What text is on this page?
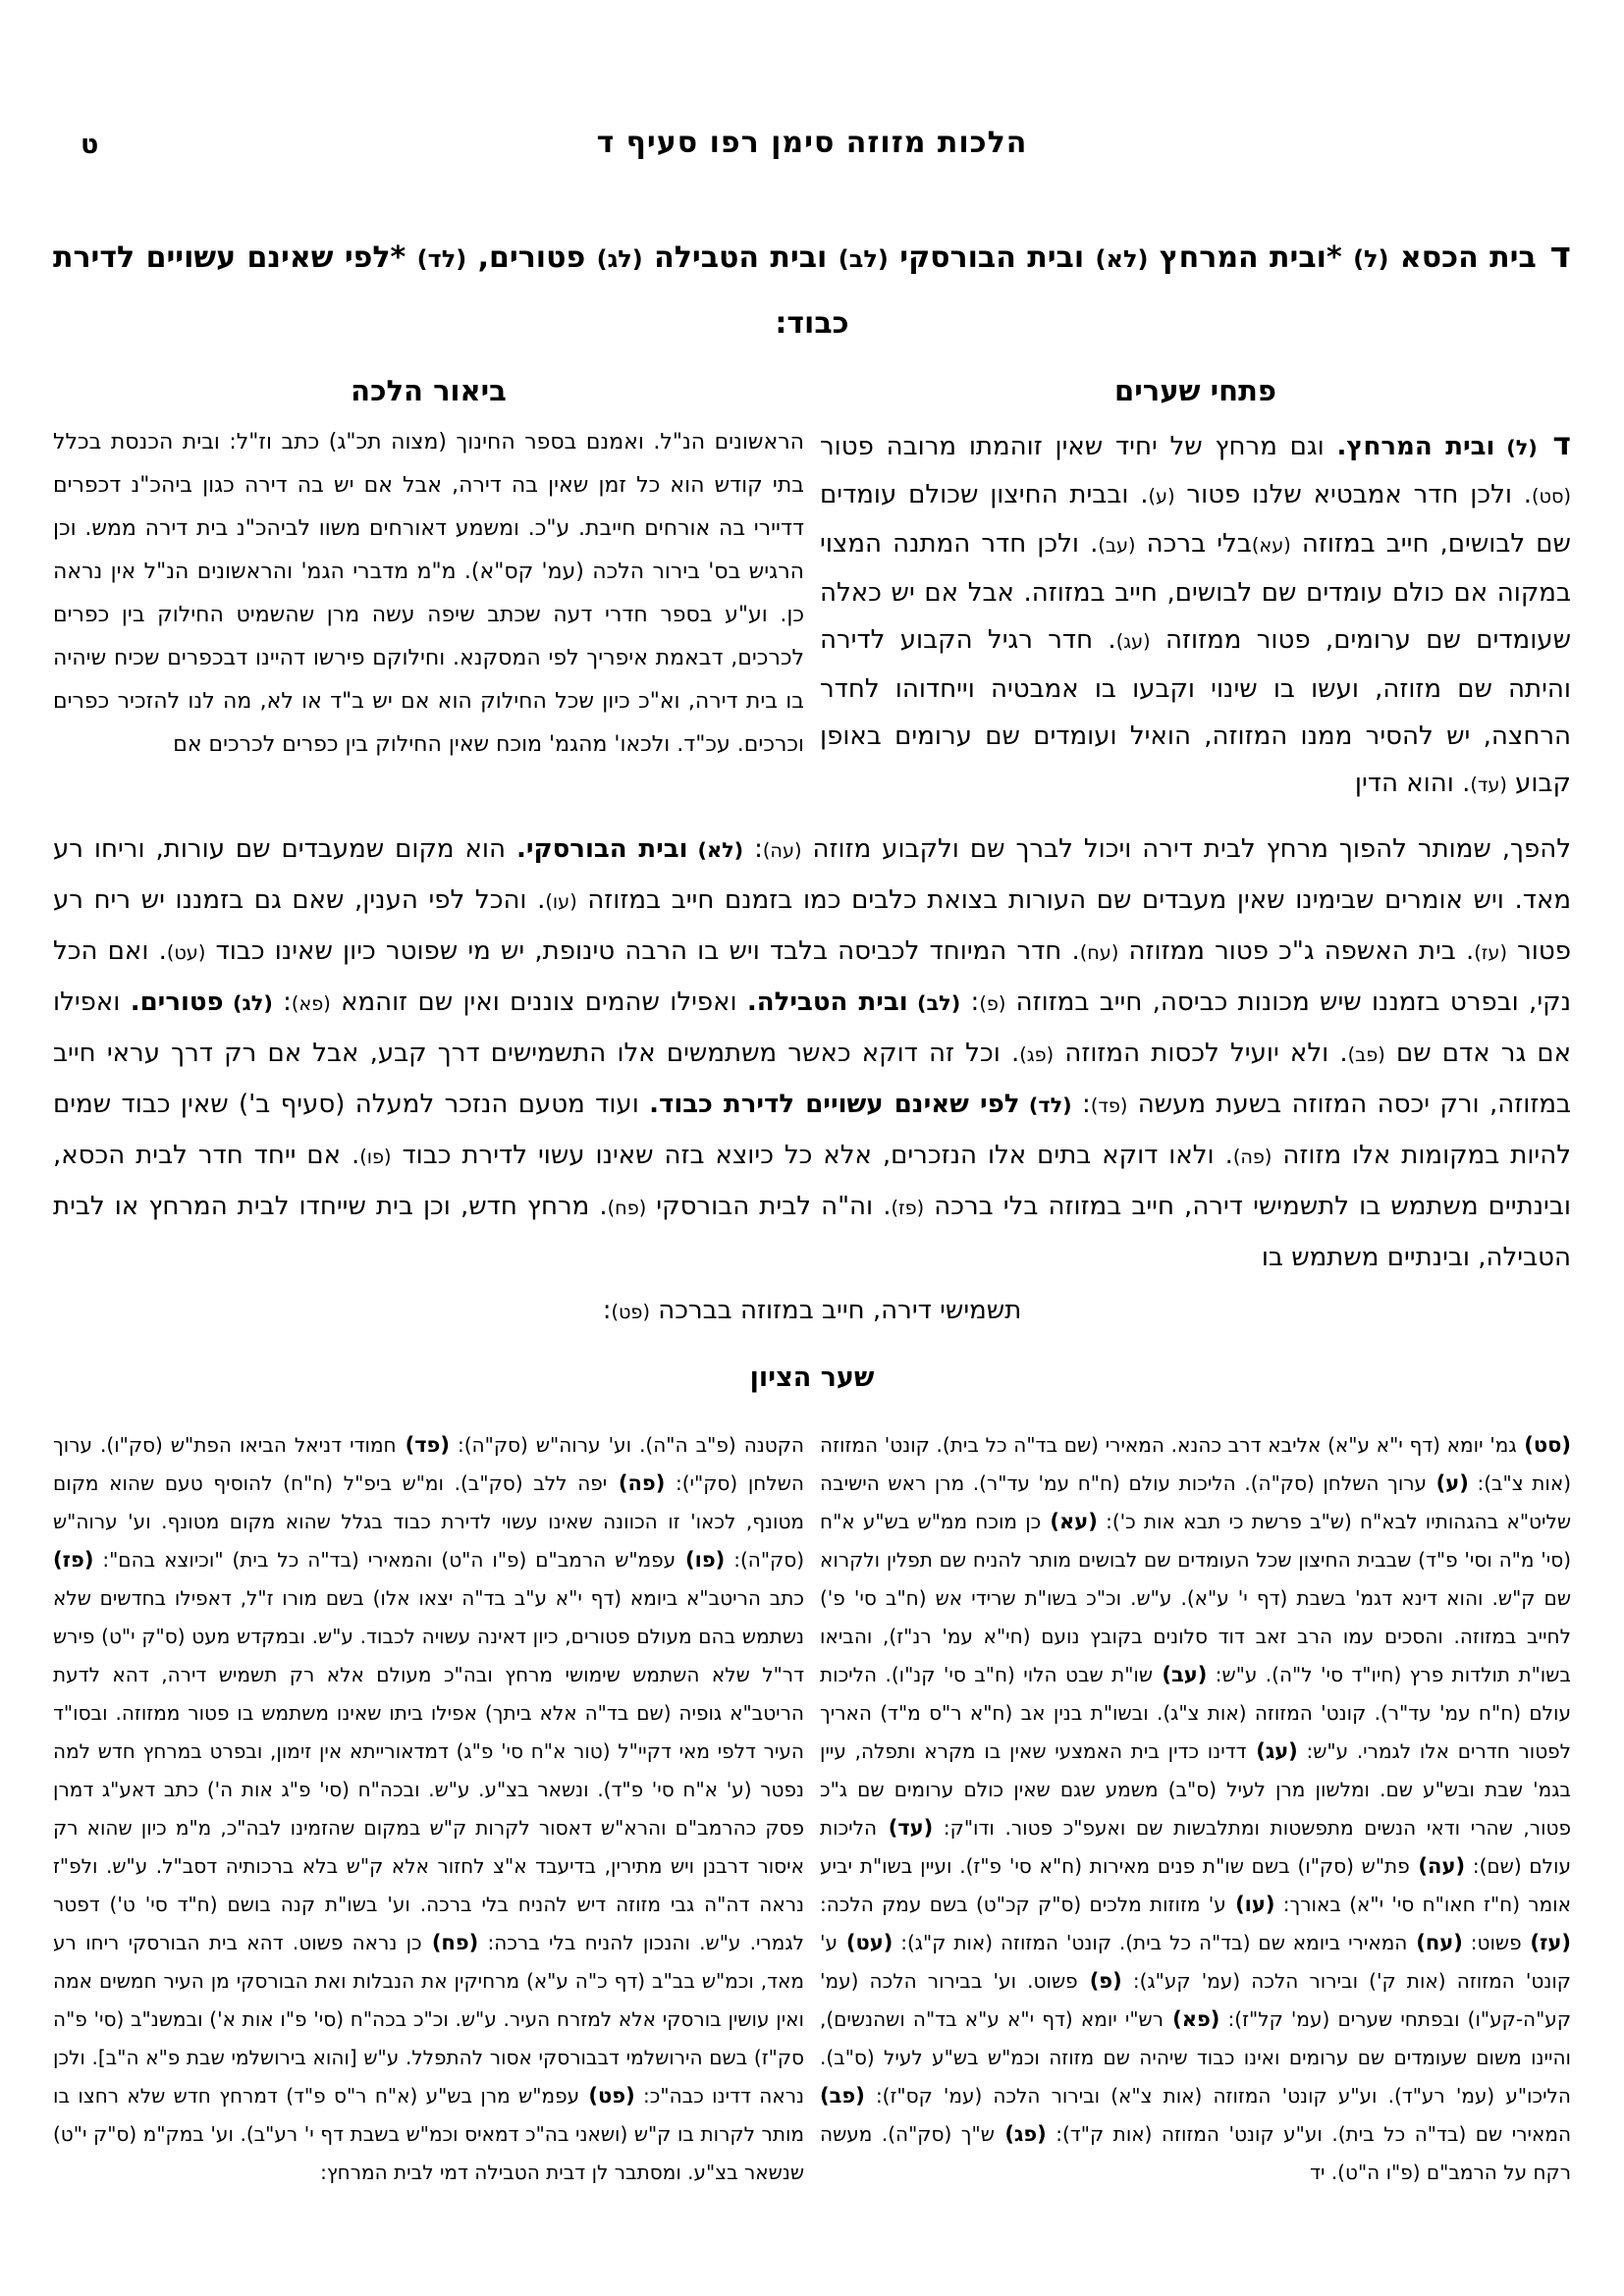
ט	הלכות מזוזה סימן רפו סעיף ד

ד בית הכסא (ל) *ובית המרחץ (לא) ובית הבורסקי (לב) ובית הטבילה (לג) פטורים, (לד) *לפי שאינם עשויים לדירת

כבוד:

פתחי שערים

ד (ל) ובית המרחץ. וגם מרחץ של יחיד שאין זוהמתו מרובה פטור (סט). ולכן חדר אמבטיא שלנו פטור (ע). ובבית החיצון שכולם עומדים שם לבושים, חייב במזוזה (עא)בלי ברכה (עב). ולכן חדר המתנה המצוי במקוה אם כולם עומדים שם לבושים, חייב במזוזה. אבל אם יש כאלה שעומדים שם ערומים, פטור ממזוזה (עג). חדר רגיל הקבוע לדירה והיתה שם מזוזה, ועשו בו שינוי וקבעו בו אמבטיה וייחדוהו לחדר הרחצה, יש להסיר ממנו המזוזה, הואיל ועומדים שם ערומים באופן קבוע (עד). והוא הדין

ביאור הלכה

הראשונים הנ"ל. ואמנם בספר החינוך (מצוה תכ"ג) כתב וז"ל: ובית הכנסת בכלל בתי קודש הוא כל זמן שאין בה דירה, אבל אם יש בה דירה כגון ביהכ"נ דכפרים דדיירי בה אורחים חייבת. ע"כ. ומשמע דאורחים משוו לביהכ"נ בית דירה ממש. וכן הרגיש בס' בירור הלכה (עמ' קס"א). מ"מ מדברי הגמ' והראשונים הנ"ל אין נראה כן. וע"ע בספר חדרי דעה שכתב שיפה עשה מרן שהשמיט החילוק בין כפרים לכרכים, דבאמת איפריך לפי המסקנא. וחילוקם פירשו דהיינו דבכפרים שכיח שיהיה בו בית דירה, וא"כ כיון שכל החילוק הוא אם יש ב"ד או לא, מה לנו להזכיר כפרים וכרכים. עכ"ד. ולכאו' מהגמ' מוכח שאין החילוק בין כפרים לכרכים אם

להפך, שמותר להפוך מרחץ לבית דירה ויכול לברך שם ולקבוע מזוזה (עה): (לא) ובית הבורסקי. הוא מקום שמעבדים שם עורות, וריחו רע מאד. ויש אומרים שבימינו שאין מעבדים שם העורות בצואת כלבים כמו בזמנם חייב במזוזה (עו). והכל לפי הענין, שאם גם בזמננו יש ריח רע פטור (עז). בית האשפה ג"כ פטור ממזוזה (עח). חדר המיוחד לכביסה בלבד ויש בו הרבה טינופת, יש מי שפוטר כיון שאינו כבוד (עט). ואם הכל נקי, ובפרט בזמננו שיש מכונות כביסה, חייב במזוזה (פ): (לב) ובית הטבילה. ואפילו שהמים צוננים ואין שם זוהמא (פא): (לג) פטורים. ואפילו אם גר אדם שם (פב). ולא יועיל לכסות המזוזה (פג). וכל זה דוקא כאשר משתמשים אלו התשמישים דרך קבע, אבל אם רק דרך עראי חייב במזוזה, ורק יכסה המזוזה בשעת מעשה (פד): (לד) לפי שאינם עשויים לדירת כבוד. ועוד מטעם הנזכר למעלה (סעיף ב') שאין כבוד שמים להיות במקומות אלו מזוזה (פה). ולאו דוקא בתים אלו הנזכרים, אלא כל כיוצא בזה שאינו עשוי לדירת כבוד (פו). אם ייחד חדר לבית הכסא, ובינתיים משתמש בו לתשמישי דירה, חייב במזוזה בלי ברכה (פז). וה"ה לבית הבורסקי (פח). מרחץ חדש, וכן בית שייחדו לבית המרחץ או לבית הטבילה, ובינתיים משתמש בו

תשמישי דירה, חייב במזוזה בברכה (פט):

שער הציון

(סט) גמ' יומא (דף י"א ע"א) אליבא דרב כהנא. המאירי (שם בד"ה כל בית). קונט' המזוזה (אות צ"ב): (ע) ערוך השלחן (סק"ה). הליכות עולם (ח"ח עמ' עד"ר). מרן ראש הישיבה שליט"א בהגהותיו לבא"ח (ש"ב פרשת כי תבא אות כ'): (עא) כן מוכח ממ"ש בש"ע א"ח (סי' מ"ה וסי' פ"ד) שבבית החיצון שכל העומדים שם לבושים מותר להניח שם תפלין ולקרוא שם ק"ש. והוא דינא דגמ' בשבת (דף י' ע"א). ע"ש. וכ"כ בשו"ת שרידי אש (ח"ב סי' פ') לחייב במזוזה. והסכים עמו הרב זאב דוד סלונים בקובץ נועם (חי"א עמ' רנ"ז), והביאו בשו"ת תולדות פרץ (חיו"ד סי' ל"ה). ע"ש: (עב) שו"ת שבט הלוי (ח"ב סי' קנ"ו). הליכות עולם (ח"ח עמ' עד"ר). קונט' המזוזה (אות צ"ג). ובשו"ת בנין אב (ח"א ר"ס מ"ד) האריך לפטור חדרים אלו לגמרי. ע"ש: (עג) דדינו כדין בית האמצעי שאין בו מקרא ותפלה, עיין בגמ' שבת ובש"ע שם. ומלשון מרן לעיל (ס"ב) משמע שגם שאין כולם ערומים שם ג"כ פטור, שהרי ודאי הנשים מתפשטות ומתלבשות שם ואעפ"כ פטור. ודו"ק: (עד) הליכות עולם (שם): (עה) פת"ש (סק"ו) בשם שו"ת פנים מאירות (ח"א סי' פ"ז). ועיין בשו"ת יביע אומר (ח"ז חאו"ח סי' י"א) באורך: (עו) ע' מזוזות מלכים (ס"ק קכ"ט) בשם עמק הלכה: (עז) פשוט: (עח) המאירי ביומא שם (בד"ה כל בית). קונט' המזוזה (אות ק"ג): (עט) ע' קונט' המזוזה (אות ק') ובירור הלכה (עמ' קע"ג): (פ) פשוט. וע' בבירור הלכה (עמ' קע"ה-קע"ו) ובפתחי שערים (עמ' קל"ז): (פא) רש"י יומא (דף י"א ע"א בד"ה ושהנשים), והיינו משום שעומדים שם ערומים ואינו כבוד שיהיה שם מזוזה וכמ"ש בש"ע לעיל (ס"ב). הליכו"ע (עמ' רע"ד). וע"ע קונט' המזוזה (אות צ"א) ובירור הלכה (עמ' קס"ז): (פב) המאירי שם (בד"ה כל בית). וע"ע קונט' המזוזה (אות ק"ד): (פג) ש"ך (סק"ה). מעשה רקח על הרמב"ם (פ"ו ה"ט). יד

הקטנה (פ"ב ה"ה). וע' ערוה"ש (סק"ה): (פד) חמודי דניאל הביאו הפת"ש (סק"ו). ערוך השלחן (סק"י): (פה) יפה ללב (סק"ב). ומ"ש ביפ"ל (ח"ח) להוסיף טעם שהוא מקום מטונף, לכאו' זו הכוונה שאינו עשוי לדירת כבוד בגלל שהוא מקום מטונף. וע' ערוה"ש (סק"ה): (פו) עפמ"ש הרמב"ם (פ"ו ה"ט) והמאירי (בד"ה כל בית) "וכיוצא בהם": (פז) כתב הריטב"א ביומא (דף י"א ע"ב בד"ה יצאו אלו) בשם מורו ז"ל, דאפילו בחדשים שלא נשתמש בהם מעולם פטורים, כיון דאינה עשויה לכבוד. ע"ש. ובמקדש מעט (ס"ק י"ט) פירש דר"ל שלא השתמש שימושי מרחץ ובה"כ מעולם אלא רק תשמיש דירה, דהא לדעת הריטב"א גופיה (שם בד"ה אלא ביתך) אפילו ביתו שאינו משתמש בו פטור ממזוזה. ובסו"ד העיר דלפי מאי דקיי"ל (טור א"ח סי' פ"ג) דמדאורייתא אין זימון, ובפרט במרחץ חדש למה נפטר (ע' א"ח סי' פ"ד). ונשאר בצ"ע. ע"ש. ובכה"ח (סי' פ"ג אות ה') כתב דאע"ג דמרן פסק כהרמב"ם והרא"ש דאסור לקרות ק"ש במקום שהזמינו לבה"כ, מ"מ כיון שהוא רק איסור דרבנן ויש מתירין, בדיעבד א"צ לחזור אלא ק"ש בלא ברכותיה דסב"ל. ע"ש. ולפ"ז נראה דה"ה גבי מזוזה דיש להניח בלי ברכה. וע' בשו"ת קנה בושם (ח"ד סי' ט') דפטר לגמרי. ע"ש. והנכון להניח בלי ברכה: (פח) כן נראה פשוט. דהא בית הבורסקי ריחו רע מאד, וכמ"ש בב"ב (דף כ"ה ע"א) מרחיקין את הנבלות ואת הבורסקי מן העיר חמשים אמה ואין עושין בורסקי אלא למזרח העיר. ע"ש. וכ"כ בכה"ח (סי' פ"ו אות א') ובמשנ"ב (סי' פ"ה סק"ז) בשם הירושלמי דבבורסקי אסור להתפלל. ע"ש [והוא בירושלמי שבת פ"א ה"ב]. ולכן נראה דדינו כבה"כ: (פט) עפמ"ש מרן בש"ע (א"ח ר"ס פ"ד) דמרחץ חדש שלא רחצו בו מותר לקרות בו ק"ש (ושאני בה"כ דמאיס וכמ"ש בשבת דף י' רע"ב). וע' במק"מ (ס"ק י"ט) שנשאר בצ"ע. ומסתבר לן דבית הטבילה דמי לבית המרחץ:
